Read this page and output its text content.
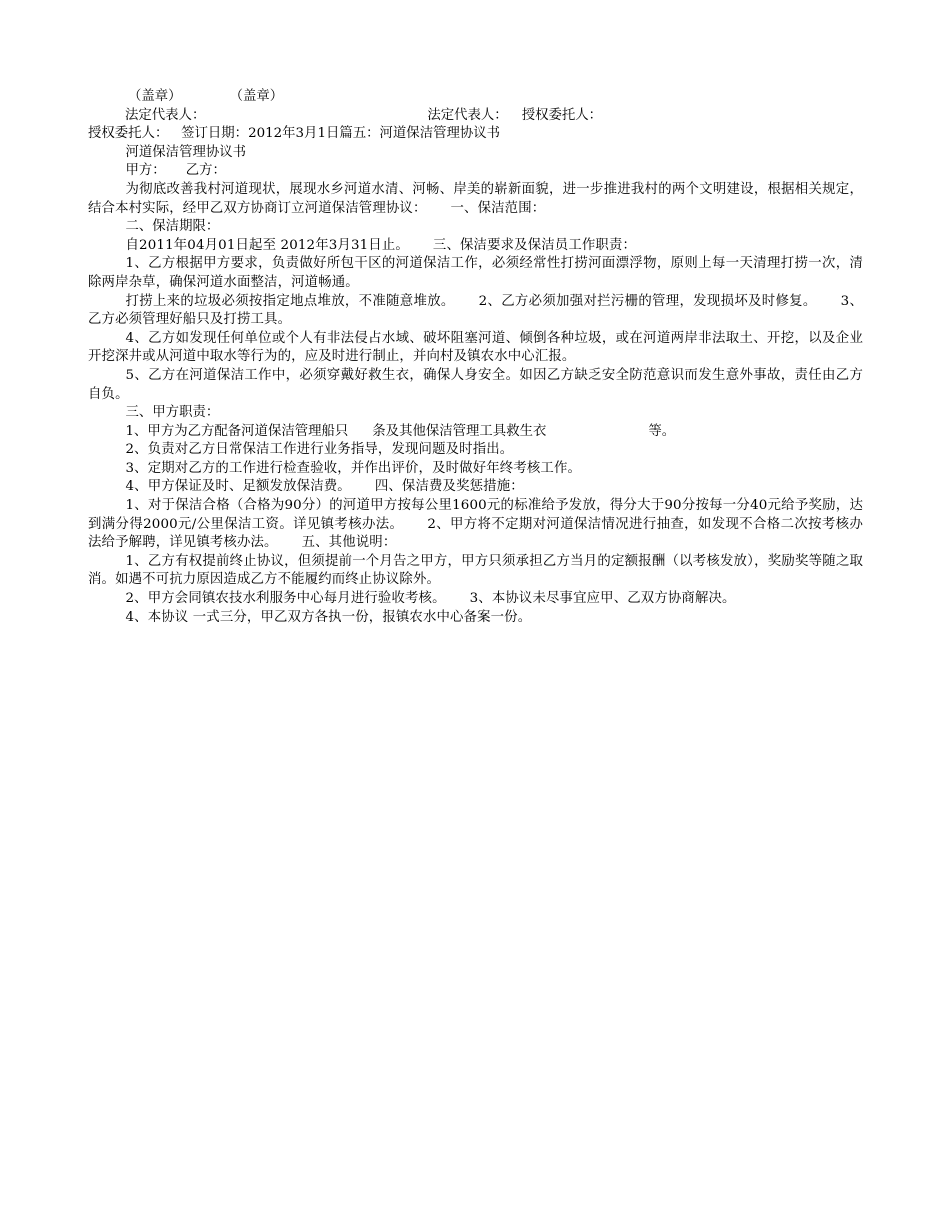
（盖章）	（盖章）

法定代表人：	法定代表人： 授权委托人：

授权委托人：   签订日期：2012年3月1日篇五：河道保洁管理协议书

河道保洁管理协议书

甲方： 乙方：

为彻底改善我村河道现状，展现水乡河道水清、河畅、岸美的崭新面貌，进一步推进我村的两个文明建设，根据相关规定，结合本村实际，经甲乙双方协商订立河道保洁管理协议： 一、保洁范围：

二、保洁期限：

自2011年04月01日起至 2012年3月31日止。 三、保洁要求及保洁员工作职责：

1、乙方根据甲方要求，负责做好所包干区的河道保洁工作，必须经常性打捞河面漂浮物，原则上每一天清理打捞一次，清除两岸杂草，确保河道水面整洁，河道畅通。

打捞上来的垃圾必须按指定地点堆放，不准随意堆放。 2、乙方必须加强对拦污栅的管理，发现损坏及时修复。 3、乙方必须管理好船只及打捞工具。

4、乙方如发现任何单位或个人有非法侵占水域、破坏阻塞河道、倾倒各种垃圾，或在河道两岸非法取土、开挖，以及企业开挖深井或从河道中取水等行为的，应及时进行制止，并向村及镇农水中心汇报。

5、乙方在河道保洁工作中，必须穿戴好救生衣，确保人身安全。如因乙方缺乏安全防范意识而发生意外事故，责任由乙方自负。

三、甲方职责：

1、甲方为乙方配备河道保洁管理船只 条及其他保洁管理工具救生衣	等。

2、负责对乙方日常保洁工作进行业务指导，发现问题及时指出。

3、定期对乙方的工作进行检查验收，并作出评价，及时做好年终考核工作。

4、甲方保证及时、足额发放保洁费。 四、保洁费及奖惩措施：

1、对于保洁合格（合格为90分）的河道甲方按每公里1600元的标准给予发放，得分大于90分按每一分40元给予奖励，达到满分得2000元/公里保洁工资。详见镇考核办法。 2、甲方将不定期对河道保洁情况进行抽查，如发现不合格二次按考核办法给予解聘，详见镇考核办法。 五、其他说明：

1、乙方有权提前终止协议，但须提前一个月告之甲方，甲方只须承担乙方当月的定额报酬（以考核发放），奖励奖等随之取消。如遇不可抗力原因造成乙方不能履约而终止协议除外。

2、甲方会同镇农技水利服务中心每月进行验收考核。 3、本协议未尽事宜应甲、乙双方协商解决。

4、本协议 一式三分，甲乙双方各执一份，报镇农水中心备案一份。
